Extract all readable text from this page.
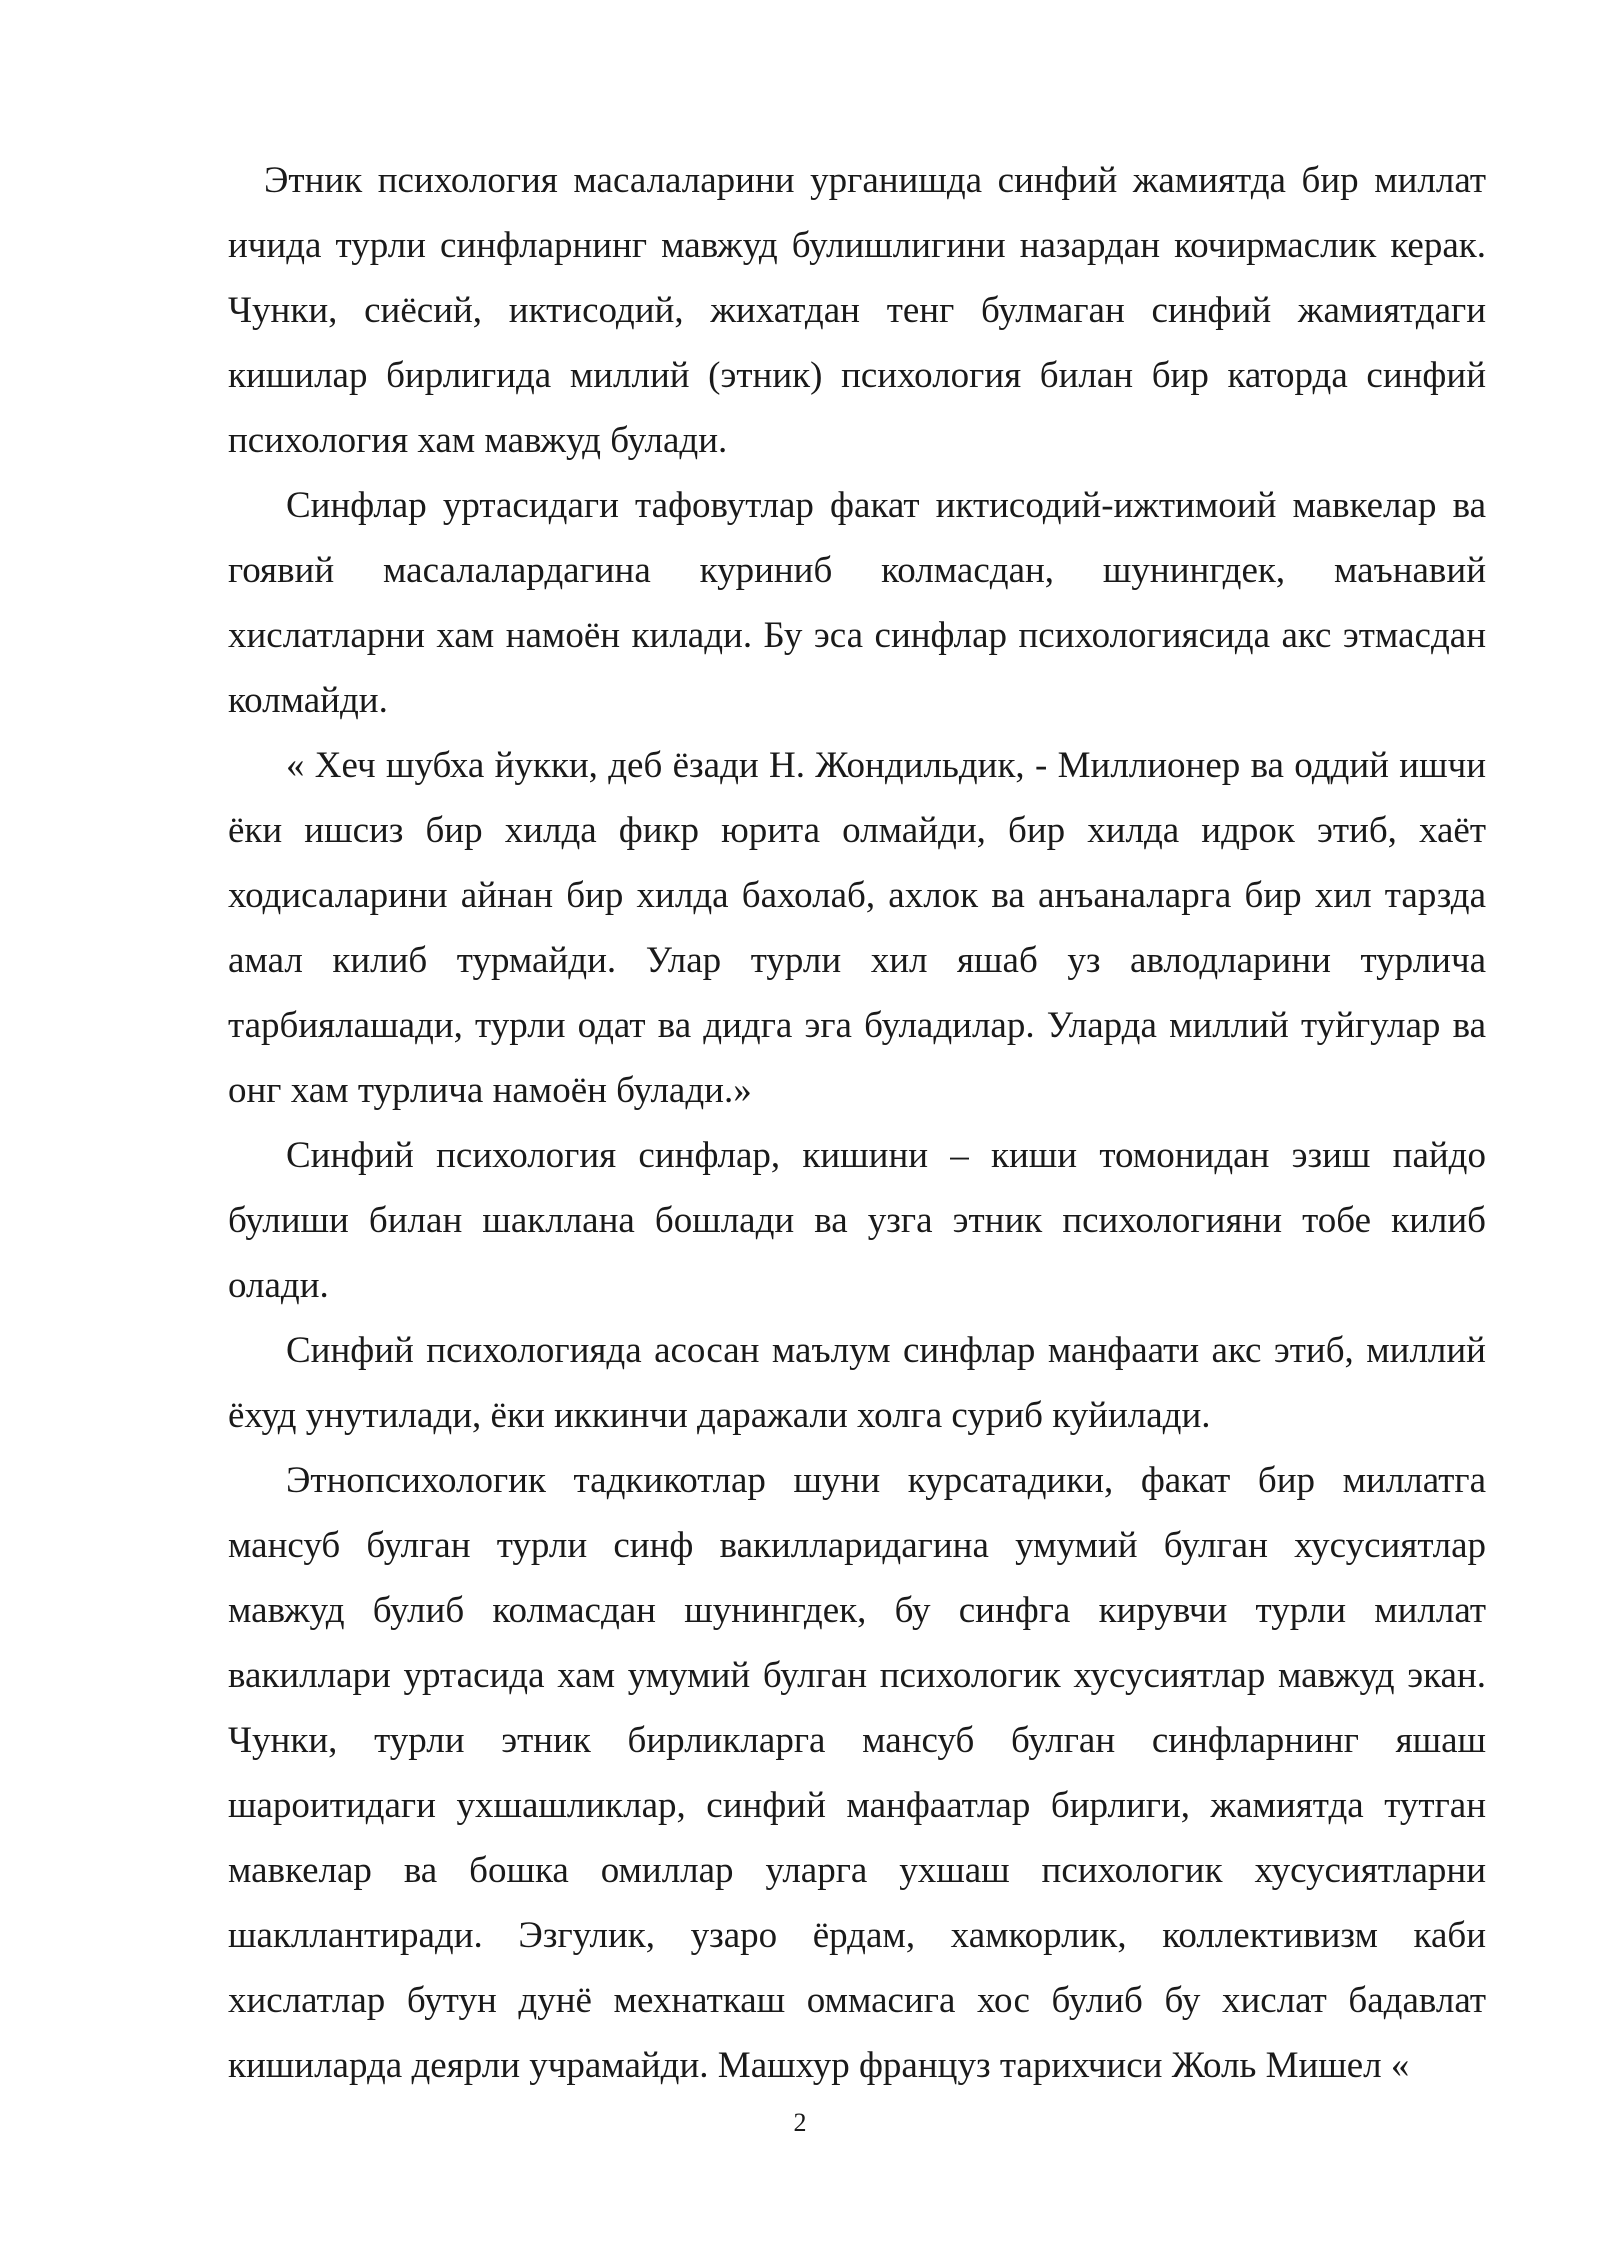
Этник психология масалаларини урганишда синфий жамиятда бир миллат ичида турли синфларнинг мавжуд булишлигини назардан кочирмаслик керак. Чунки, сиёсий, иктисодий, жихатдан тенг булмаган синфий жамиятдаги кишилар бирлигида миллий (этник) психология билан бир каторда синфий психология хам мавжуд булади.

Синфлар уртасидаги тафовутлар факат иктисодий-ижтимоий мавкелар ва гоявий масалалардагина куриниб колмасдан, шунингдек, маънавий хислатларни хам намоён килади. Бу эса синфлар психологиясида акс этмасдан колмайди.

« Хеч шубха йукки, деб ёзади Н. Жондильдик, - Миллионер ва оддий ишчи ёки ишсиз бир хилда фикр юрита олмайди, бир хилда идрок этиб, хаёт ходисаларини айнан бир хилда бахолаб, ахлок ва анъаналарга бир хил тарзда амал килиб турмайди. Улар турли хил яшаб уз авлодларини турлича тарбиялашади, турли одат ва дидга эга буладилар. Уларда миллий туйгулар ва онг хам турлича намоён булади.»

Синфий психология синфлар, кишини – киши томонидан эзиш пайдо булиши билан шакллана бошлади ва узга этник психологияни тобе килиб олади.

Синфий психологияда асосан маълум синфлар манфаати акс этиб, миллий ёхуд унутилади, ёки иккинчи даражали холга суриб куйилади.

Этнопсихологик тадкикотлар шуни курсатадики, факат бир миллатга мансуб булган турли синф вакилларидагина умумий булган хусусиятлар мавжуд булиб колмасдан шунингдек, бу синфга кирувчи турли миллат вакиллари уртасида хам умумий булган психологик хусусиятлар мавжуд экан. Чунки, турли этник бирликларга мансуб булган синфларнинг яшаш шароитидаги ухшашликлар, синфий манфаатлар бирлиги, жамиятда тутган мавкелар ва бошка омиллар уларга ухшаш психологик хусусиятларни шакллантиради. Эзгулик, узаро ёрдам, хамкорлик, коллективизм каби хислатлар бутун дунё мехнаткаш оммасига хос булиб бу хислат бадавлат кишиларда деярли учрамайди. Машхур француз тарихчиси Жоль Мишел «

2
